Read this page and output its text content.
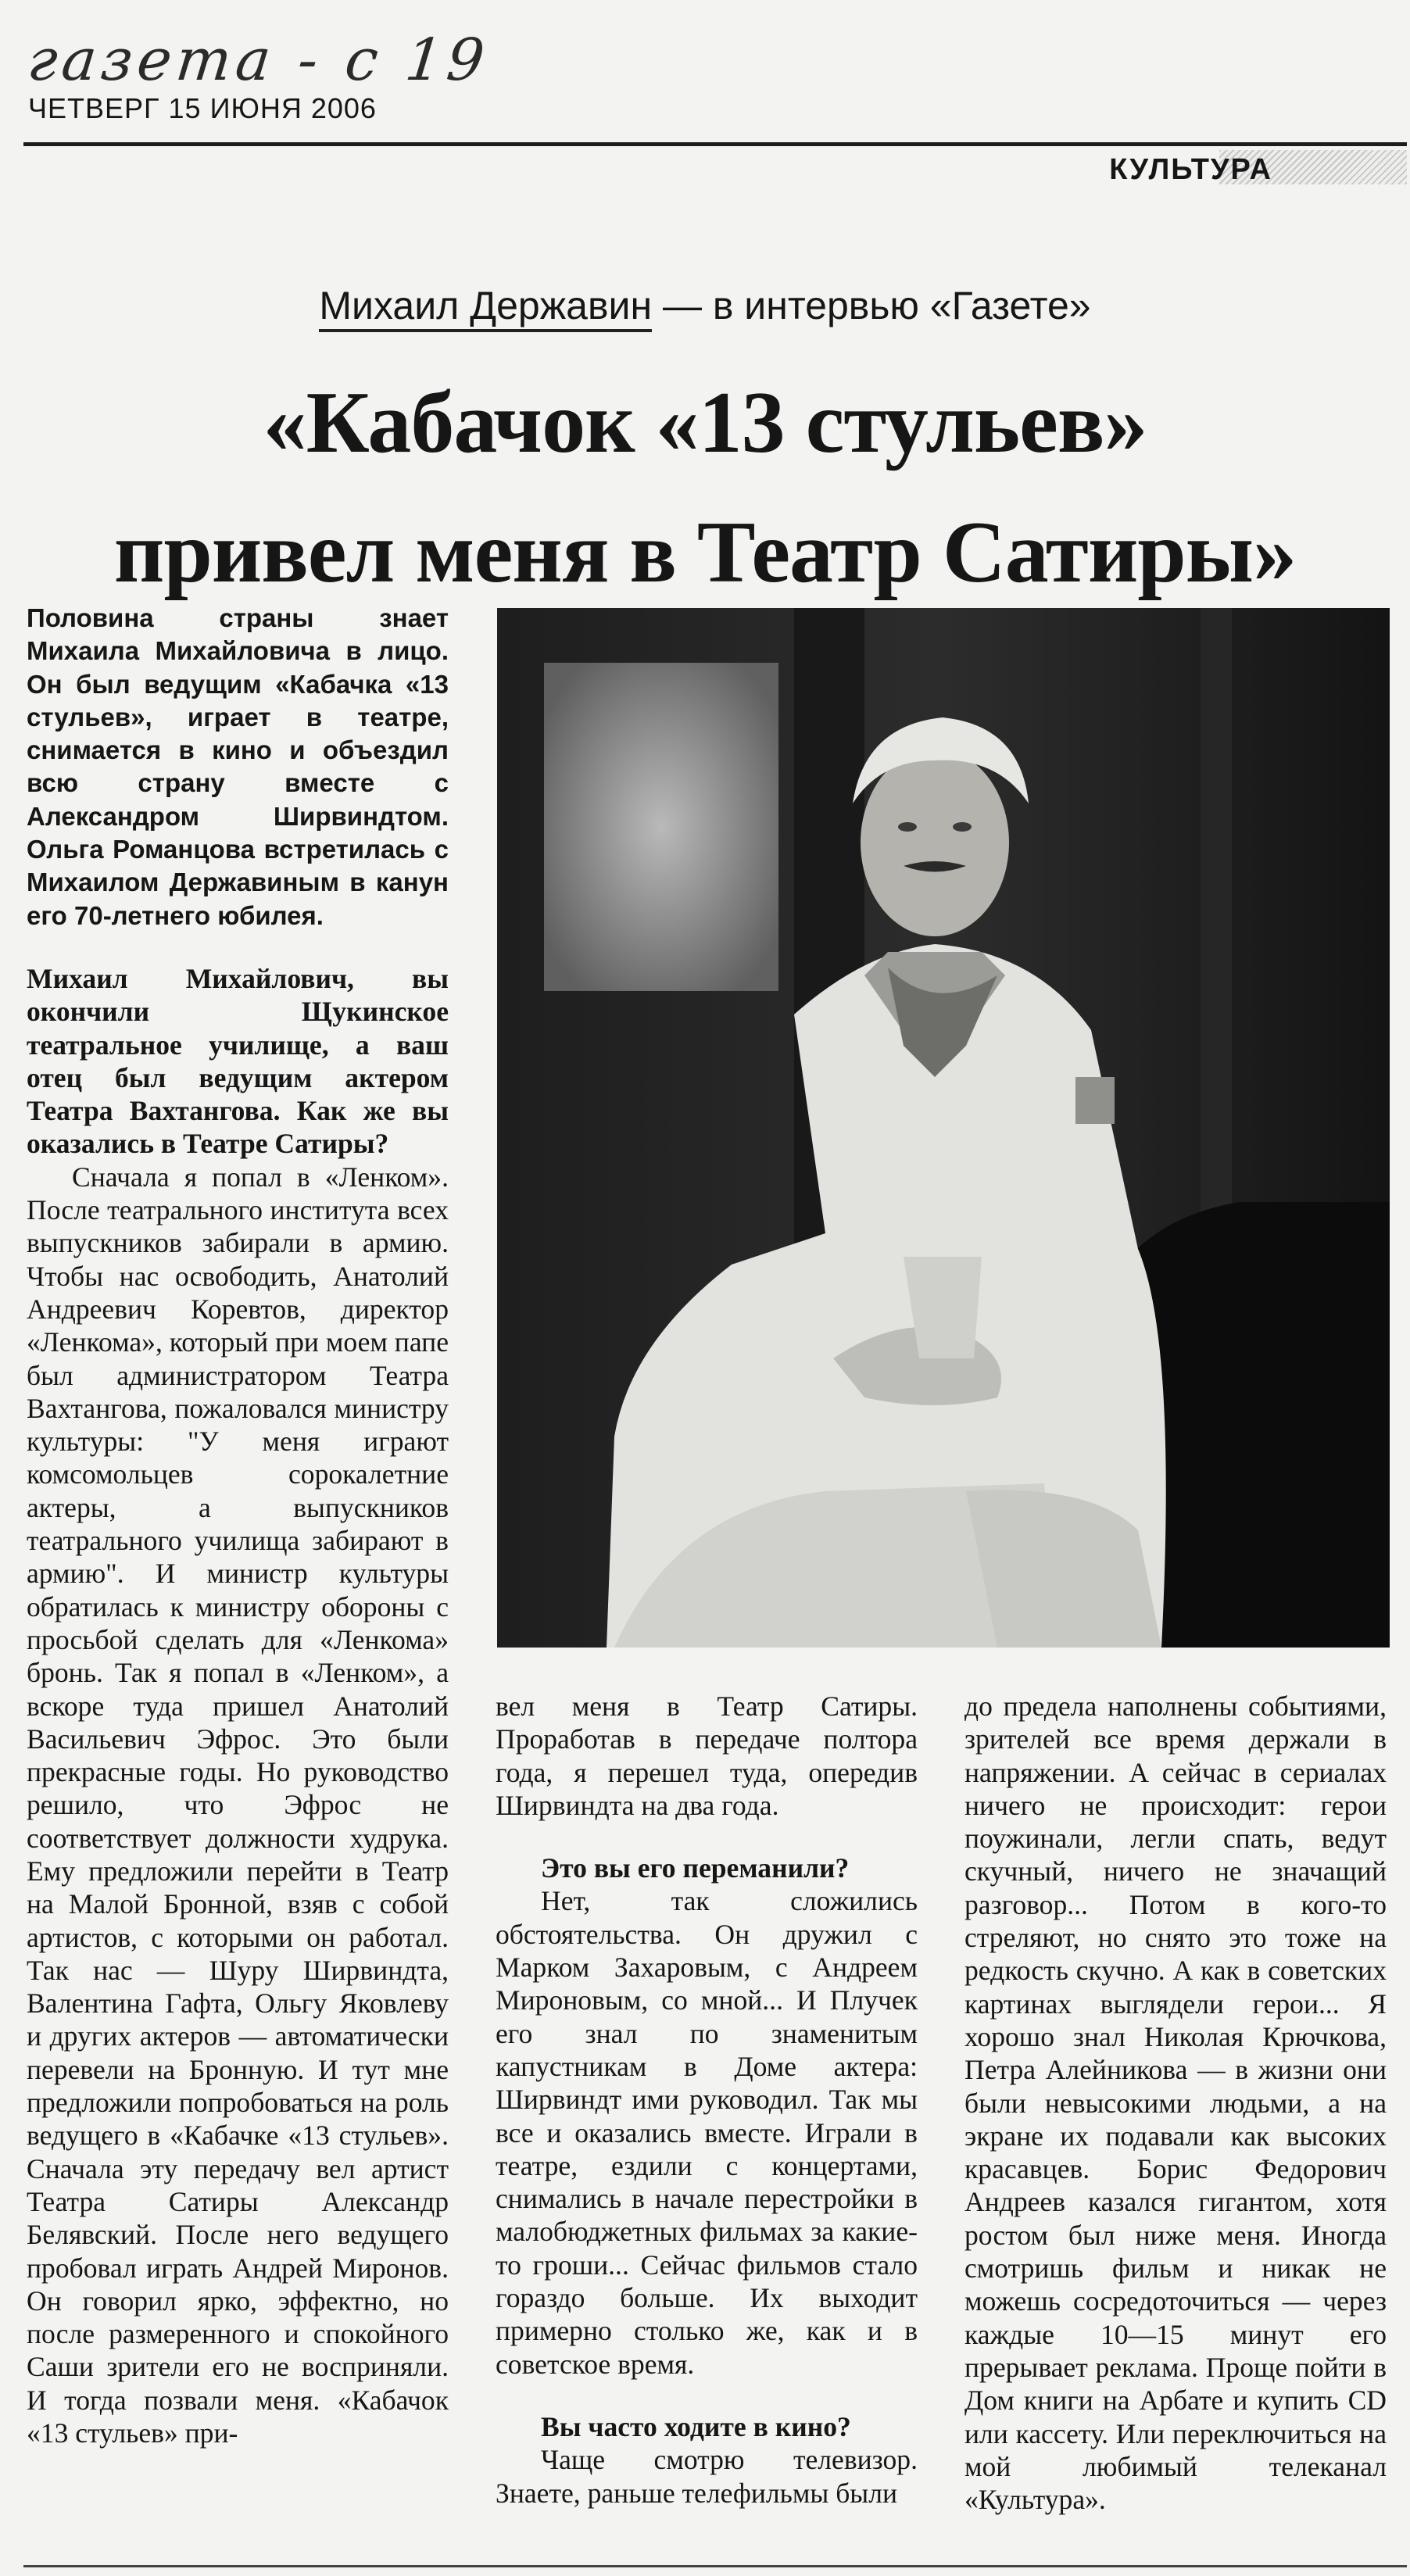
газета - с 19
ЧЕТВЕРГ 15 ИЮНЯ 2006
КУЛЬТУРА
Михаил Державин — в интервью «Газете»
«Кабачок «13 стульев»
привел меня в Театр Сатиры»

Половина страны знает Михаила Михайловича в лицо. Он был ведущим «Кабачка «13 стульев», играет в театре, снимается в кино и объездил всю страну вместе с Александром Ширвиндтом. Ольга Романцова встретилась с Михаилом Державиным в канун его 70-летнего юбилея.

Михаил Михайлович, вы окончили Щукинское театральное училище, а ваш отец был ведущим актером Театра Вахтангова. Как же вы оказались в Театре Сатиры?

Сначала я попал в «Ленком». После театрального института всех выпускников забирали в армию. Чтобы нас освободить, Анатолий Андреевич Коревтов, директор «Ленкома», который при моем папе был администратором Театра Вахтангова, пожаловался министру культуры: "У меня играют комсомольцев сорокалетние актеры, а выпускников театрального училища забирают в армию". И министр культуры обратилась к министру обороны с просьбой сделать для «Ленкома» бронь. Так я попал в «Ленком», а вскоре туда пришел Анатолий Васильевич Эфрос. Это были прекрасные годы. Но руководство решило, что Эфрос не соответствует должности худрука. Ему предложили перейти в Театр на Малой Бронной, взяв с собой артистов, с которыми он работал. Так нас — Шуру Ширвиндта, Валентина Гафта, Ольгу Яковлеву и других актеров — автоматически перевели на Бронную. И тут мне предложили попробоваться на роль ведущего в «Кабачке «13 стульев». Сначала эту передачу вел артист Театра Сатиры Александр Белявский. После него ведущего пробовал играть Андрей Миронов. Он говорил ярко, эффектно, но после размеренного и спокойного Саши зрители его не восприняли. И тогда позвали меня. «Кабачок «13 стульев» при-

вел меня в Театр Сатиры. Проработав в передаче полтора года, я перешел туда, опередив Ширвиндта на два года.

Это вы его переманили?

Нет, так сложились обстоятельства. Он дружил с Марком Захаровым, с Андреем Мироновым, со мной... И Плучек его знал по знаменитым капустникам в Доме актера: Ширвиндт ими руководил. Так мы все и оказались вместе. Играли в театре, ездили с концертами, снимались в начале перестройки в малобюджетных фильмах за какие-то гроши... Сейчас фильмов стало гораздо больше. Их выходит примерно столько же, как и в советское время.

Вы часто ходите в кино?

Чаще смотрю телевизор. Знаете, раньше телефильмы были

до предела наполнены событиями, зрителей все время держали в напряжении. А сейчас в сериалах ничего не происходит: герои поужинали, легли спать, ведут скучный, ничего не значащий разговор... Потом в кого-то стреляют, но снято это тоже на редкость скучно. А как в советских картинах выглядели герои... Я хорошо знал Николая Крючкова, Петра Алейникова — в жизни они были невысокими людьми, а на экране их подавали как высоких красавцев. Борис Федорович Андреев казался гигантом, хотя ростом был ниже меня. Иногда смотришь фильм и никак не можешь сосредоточиться — через каждые 10—15 минут его прерывает реклама. Проще пойти в Дом книги на Арбате и купить CD или кассету. Или переключиться на мой любимый телеканал «Культура».
